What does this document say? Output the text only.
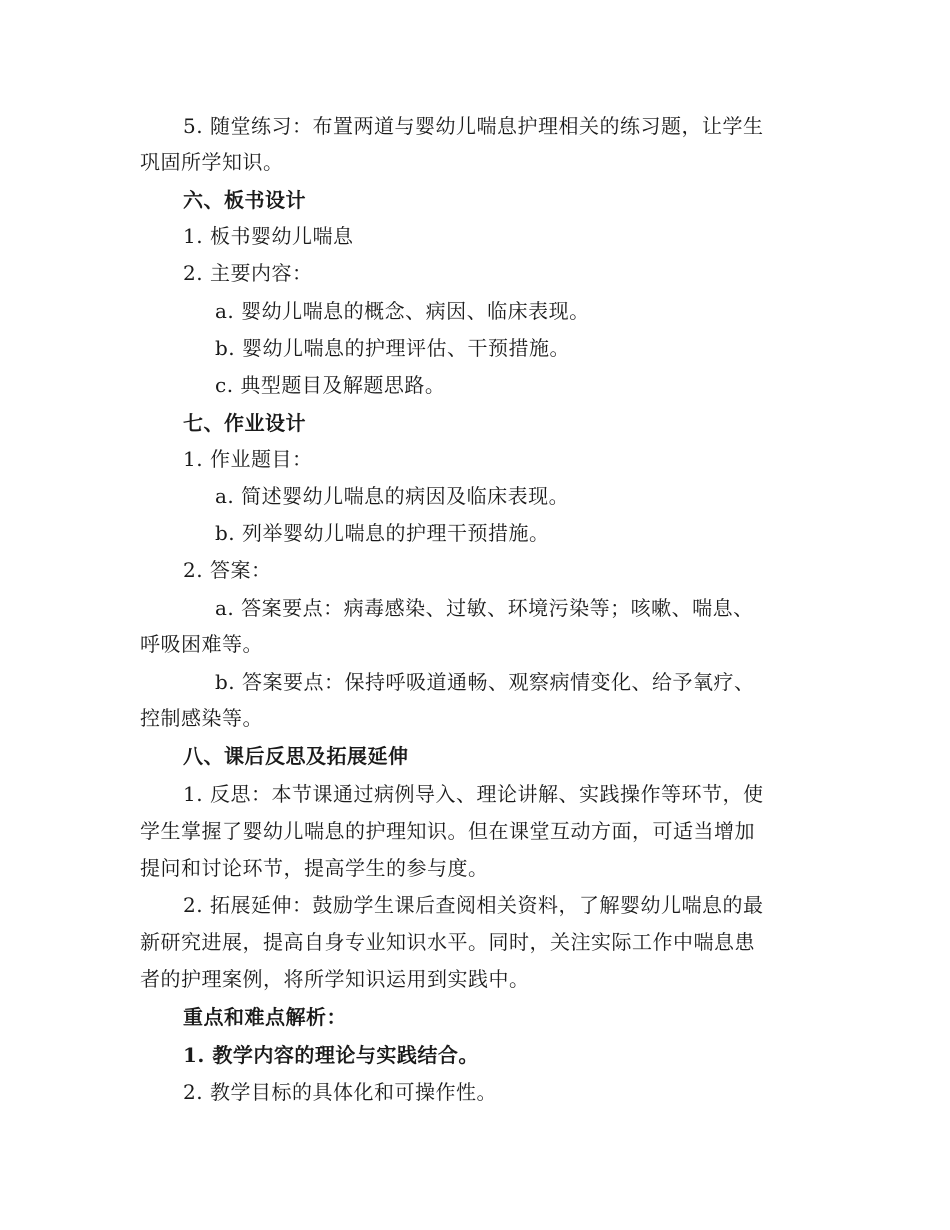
5. 随堂练习：布置两道与婴幼儿喘息护理相关的练习题，让学生
巩固所学知识。
六、板书设计
1. 板书婴幼儿喘息
2. 主要内容：
a. 婴幼儿喘息的概念、病因、临床表现。
b. 婴幼儿喘息的护理评估、干预措施。
c. 典型题目及解题思路。
七、作业设计
1. 作业题目：
a. 简述婴幼儿喘息的病因及临床表现。
b. 列举婴幼儿喘息的护理干预措施。
2. 答案：
a. 答案要点：病毒感染、过敏、环境污染等；咳嗽、喘息、
呼吸困难等。
b. 答案要点：保持呼吸道通畅、观察病情变化、给予氧疗、
控制感染等。
八、课后反思及拓展延伸
1. 反思：本节课通过病例导入、理论讲解、实践操作等环节，使
学生掌握了婴幼儿喘息的护理知识。但在课堂互动方面，可适当增加
提问和讨论环节，提高学生的参与度。
2. 拓展延伸：鼓励学生课后查阅相关资料，了解婴幼儿喘息的最
新研究进展，提高自身专业知识水平。同时，关注实际工作中喘息患
者的护理案例，将所学知识运用到实践中。
重点和难点解析：
1. 教学内容的理论与实践结合。
2. 教学目标的具体化和可操作性。
